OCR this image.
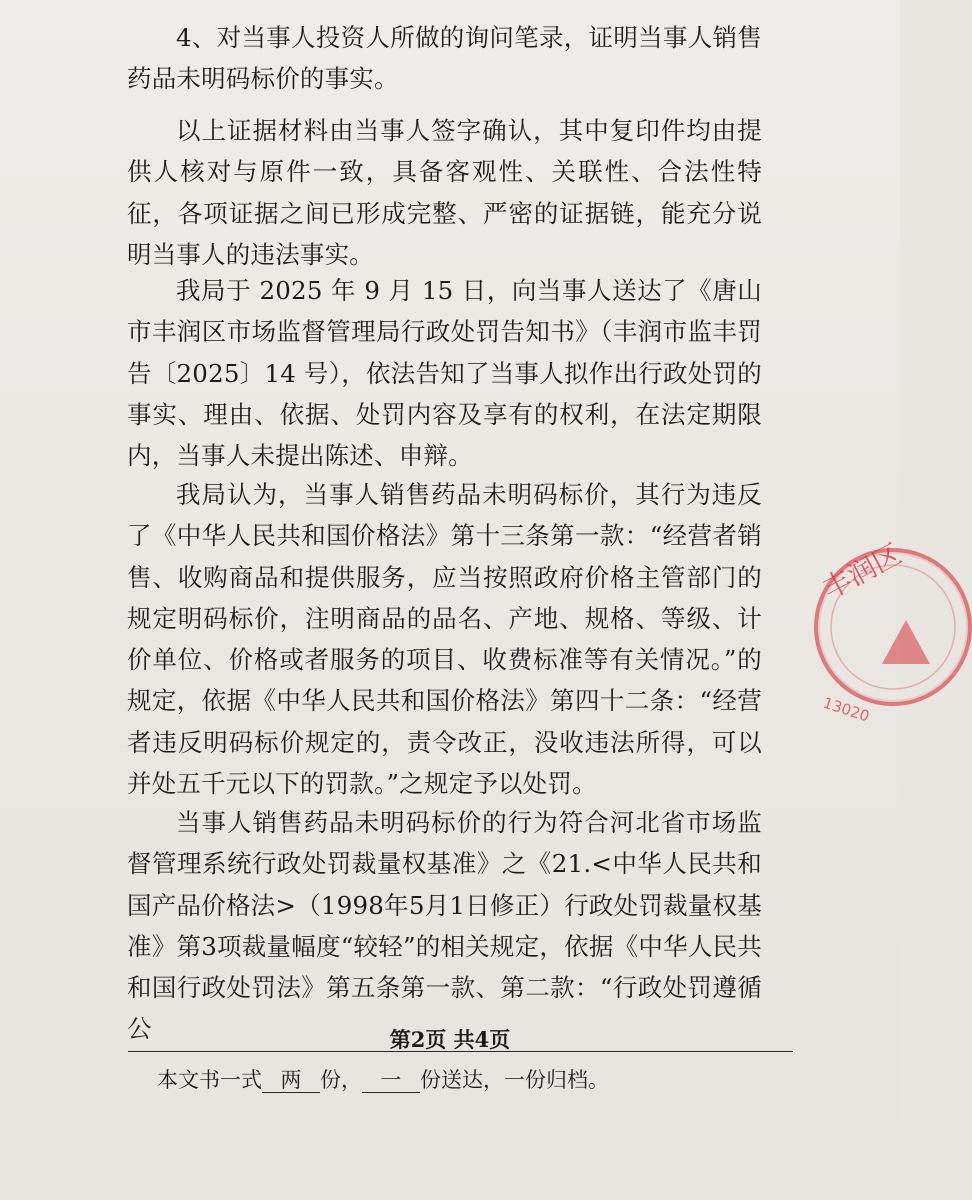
4、对当事人投资人所做的询问笔录，证明当事人销售药品未明码标价的事实。

以上证据材料由当事人签字确认，其中复印件均由提供人核对与原件一致，具备客观性、关联性、合法性特征，各项证据之间已形成完整、严密的证据链，能充分说明当事人的违法事实。

我局于 2025 年 9 月 15 日，向当事人送达了《唐山市丰润区市场监督管理局行政处罚告知书》（丰润市监丰罚告〔2025〕14 号），依法告知了当事人拟作出行政处罚的事实、理由、依据、处罚内容及享有的权利，在法定期限内，当事人未提出陈述、申辩。

我局认为，当事人销售药品未明码标价，其行为违反了《中华人民共和国价格法》第十三条第一款：“经营者销售、收购商品和提供服务，应当按照政府价格主管部门的规定明码标价，注明商品的品名、产地、规格、等级、计价单位、价格或者服务的项目、收费标准等有关情况。”的规定，依据《中华人民共和国价格法》第四十二条：“经营者违反明码标价规定的，责令改正，没收违法所得，可以并处五千元以下的罚款。”之规定予以处罚。

当事人销售药品未明码标价的行为符合河北省市场监督管理系统行政处罚裁量权基准》之《21.<中华人民共和国产品价格法>（1998年5月1日修正）行政处罚裁量权基准》第3项裁量幅度“较轻”的相关规定，依据《中华人民共和国行政处罚法》第五条第一款、第二款：“行政处罚遵循公	第2页 共4页
本文书一式 两 份， 一 份送达，一份归档。
丰润区
13020
